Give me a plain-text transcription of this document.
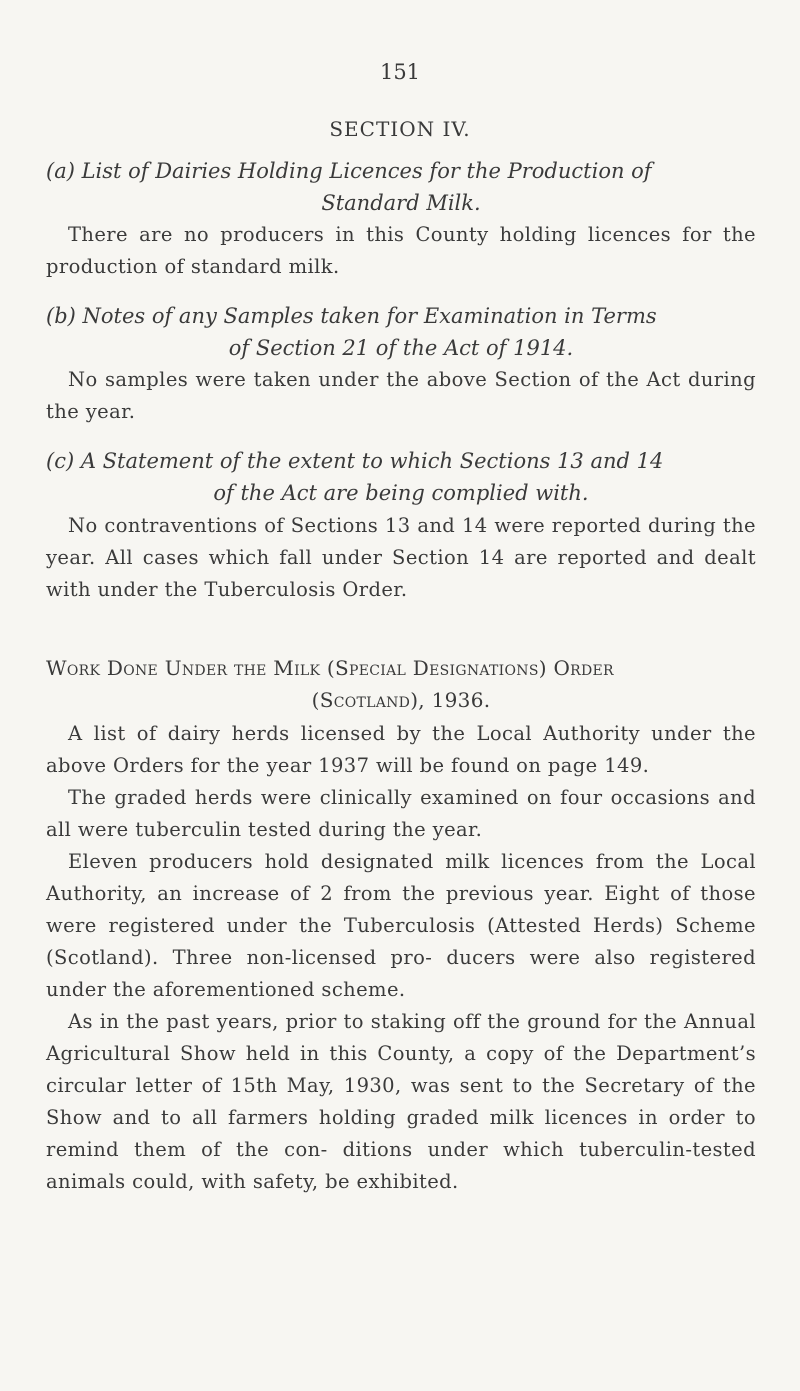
151
SECTION IV.
(a) List of Dairies Holding Licences for the Production of
Standard Milk.

There are no producers in this County holding licences for the production of standard milk.

(b) Notes of any Samples taken for Examination in Terms
of Section 21 of the Act of 1914.

No samples were taken under the above Section of the Act during the year.

(c) A Statement of the extent to which Sections 13 and 14
of the Act are being complied with.

No contraventions of Sections 13 and 14 were reported during the year. All cases which fall under Section 14 are reported and dealt with under the Tuberculosis Order.

Work Done Under the Milk (Special Designations) Order
(Scotland), 1936.

A list of dairy herds licensed by the Local Authority under the above Orders for the year 1937 will be found on page 149.

The graded herds were clinically examined on four occasions and all were tuberculin tested during the year.

Eleven producers hold designated milk licences from the Local Authority, an increase of 2 from the previous year. Eight of those were registered under the Tuberculosis (Attested Herds) Scheme (Scotland). Three non-licensed pro- ducers were also registered under the aforementioned scheme.

As in the past years, prior to staking off the ground for the Annual Agricultural Show held in this County, a copy of the Department’s circular letter of 15th May, 1930, was sent to the Secretary of the Show and to all farmers holding graded milk licences in order to remind them of the con- ditions under which tuberculin-tested animals could, with safety, be exhibited.
